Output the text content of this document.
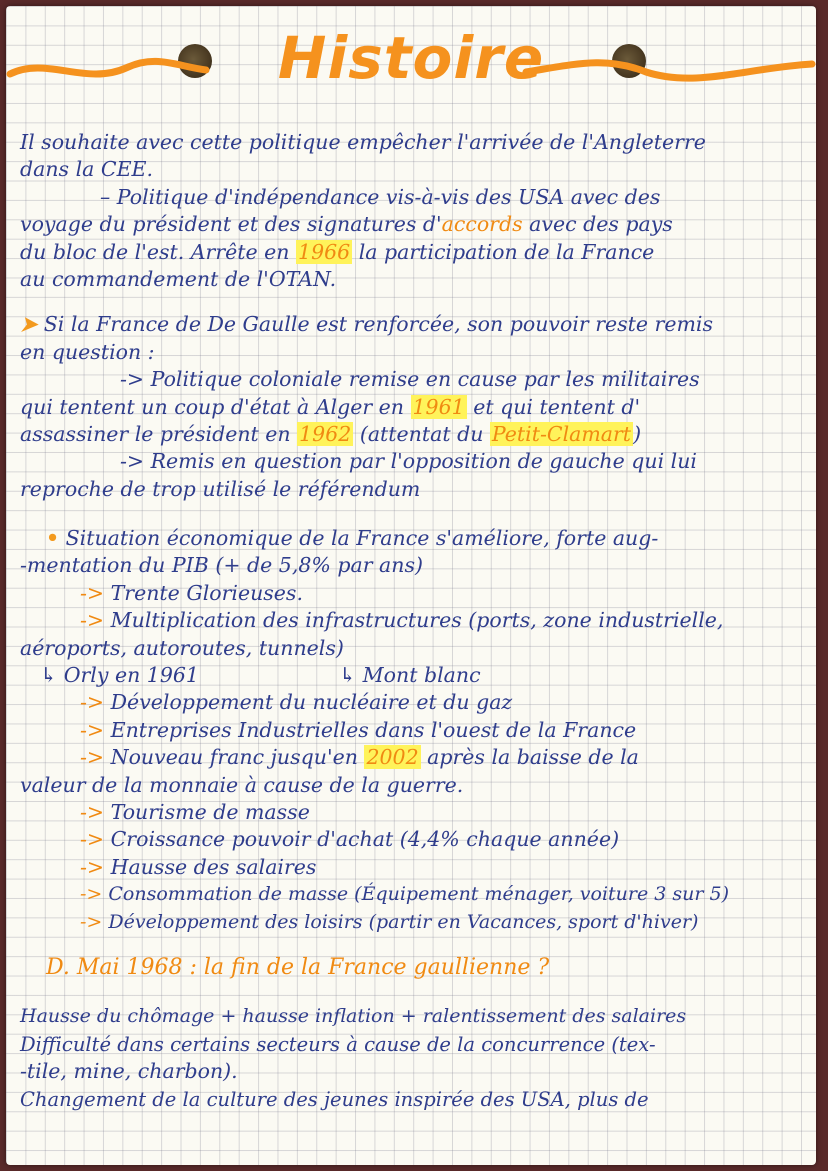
Histoire
Il souhaite avec cette politique empêcher l'arrivée de l'Angleterre
dans la CEE.
– Politique d'indépendance vis-à-vis des USA avec des
voyage du président et des signatures d'accords avec des pays
du bloc de l'est. Arrête en 1966 la participation de la France
au commandement de l'OTAN.
➤ Si la France de De Gaulle est renforcée, son pouvoir reste remis
en question :
-> Politique coloniale remise en cause par les militaires
qui tentent un coup d'état à Alger en 1961 et qui tentent d'
assassiner le président en 1962 (attentat du Petit-Clamart)
-> Remis en question par l'opposition de gauche qui lui
reproche de trop utilisé le référendum
• Situation économique de la France s'améliore, forte aug-
-mentation du PIB (+ de 5,8% par ans)
-> Trente Glorieuses.
-> Multiplication des infrastructures (ports, zone industrielle,
aéroports, autoroutes, tunnels)
↳ Orly en 1961	↳ Mont blanc
-> Développement du nucléaire et du gaz
-> Entreprises Industrielles dans l'ouest de la France
-> Nouveau franc jusqu'en 2002 après la baisse de la
valeur de la monnaie à cause de la guerre.
-> Tourisme de masse
-> Croissance pouvoir d'achat (4,4% chaque année)
-> Hausse des salaires
-> Consommation de masse (Équipement ménager, voiture 3 sur 5)
-> Développement des loisirs (partir en Vacances, sport d'hiver)
D. Mai 1968 : la fin de la France gaullienne ?
Hausse du chômage + hausse inflation + ralentissement des salaires
Difficulté dans certains secteurs à cause de la concurrence (tex-
-tile, mine, charbon).
Changement de la culture des jeunes inspirée des USA, plus de
